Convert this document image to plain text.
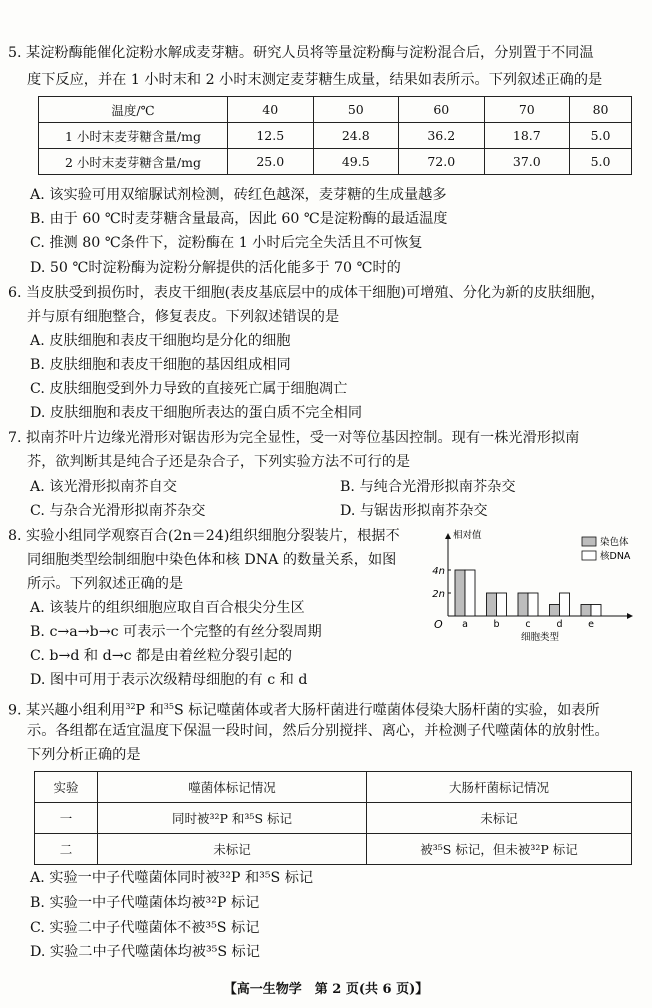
5. 某淀粉酶能催化淀粉水解成麦芽糖。研究人员将等量淀粉酶与淀粉混合后，分别置于不同温
度下反应，并在 1 小时末和 2 小时末测定麦芽糖生成量，结果如表所示。下列叙述正确的是
温度/℃	40	50	60	70	80
1 小时末麦芽糖含量/mg	12.5	24.8	36.2	18.7	5.0
2 小时末麦芽糖含量/mg	25.0	49.5	72.0	37.0	5.0
A. 该实验可用双缩脲试剂检测，砖红色越深，麦芽糖的生成量越多
B. 由于 60 ℃时麦芽糖含量最高，因此 60 ℃是淀粉酶的最适温度
C. 推测 80 ℃条件下，淀粉酶在 1 小时后完全失活且不可恢复
D. 50 ℃时淀粉酶为淀粉分解提供的活化能多于 70 ℃时的
6. 当皮肤受到损伤时，表皮干细胞(表皮基底层中的成体干细胞)可增殖、分化为新的皮肤细胞，
并与原有细胞整合，修复表皮。下列叙述错误的是
A. 皮肤细胞和表皮干细胞均是分化的细胞
B. 皮肤细胞和表皮干细胞的基因组成相同
C. 皮肤细胞受到外力导致的直接死亡属于细胞凋亡
D. 皮肤细胞和表皮干细胞所表达的蛋白质不完全相同
7. 拟南芥叶片边缘光滑形对锯齿形为完全显性，受一对等位基因控制。现有一株光滑形拟南
芥，欲判断其是纯合子还是杂合子，下列实验方法不可行的是
A. 该光滑形拟南芥自交	B. 与纯合光滑形拟南芥杂交
C. 与杂合光滑形拟南芥杂交	D. 与锯齿形拟南芥杂交
8. 实验小组同学观察百合(2n＝24)组织细胞分裂装片，根据不
同细胞类型绘制细胞中染色体和核 DNA 的数量关系，如图
所示。下列叙述正确的是
A. 该装片的组织细胞应取自百合根尖分生区
B. c→a→b→c 可表示一个完整的有丝分裂周期
C. b→d 和 d→c 都是由着丝粒分裂引起的
D. 图中可用于表示次级精母细胞的有 c 和 d
4n
2n
相对值
O
细胞类型
a	b	c	d	e
染色体
核DNA
9. 某兴趣小组利用$^{32}$P 和$^{35}$S 标记噬菌体或者大肠杆菌进行噬菌体侵染大肠杆菌的实验，如表所
示。各组都在适宜温度下保温一段时间，然后分别搅拌、离心，并检测子代噬菌体的放射性。
下列分析正确的是
实验	噬菌体标记情况	大肠杆菌标记情况
一	同时被³²P 和³⁵S 标记	未标记
二	未标记	被³⁵S 标记，但未被³²P 标记
A. 实验一中子代噬菌体同时被³²P 和³⁵S 标记
B. 实验一中子代噬菌体均被³²P 标记
C. 实验二中子代噬菌体不被³⁵S 标记
D. 实验二中子代噬菌体均被³⁵S 标记
【高一生物学　第 2 页(共 6 页)】
